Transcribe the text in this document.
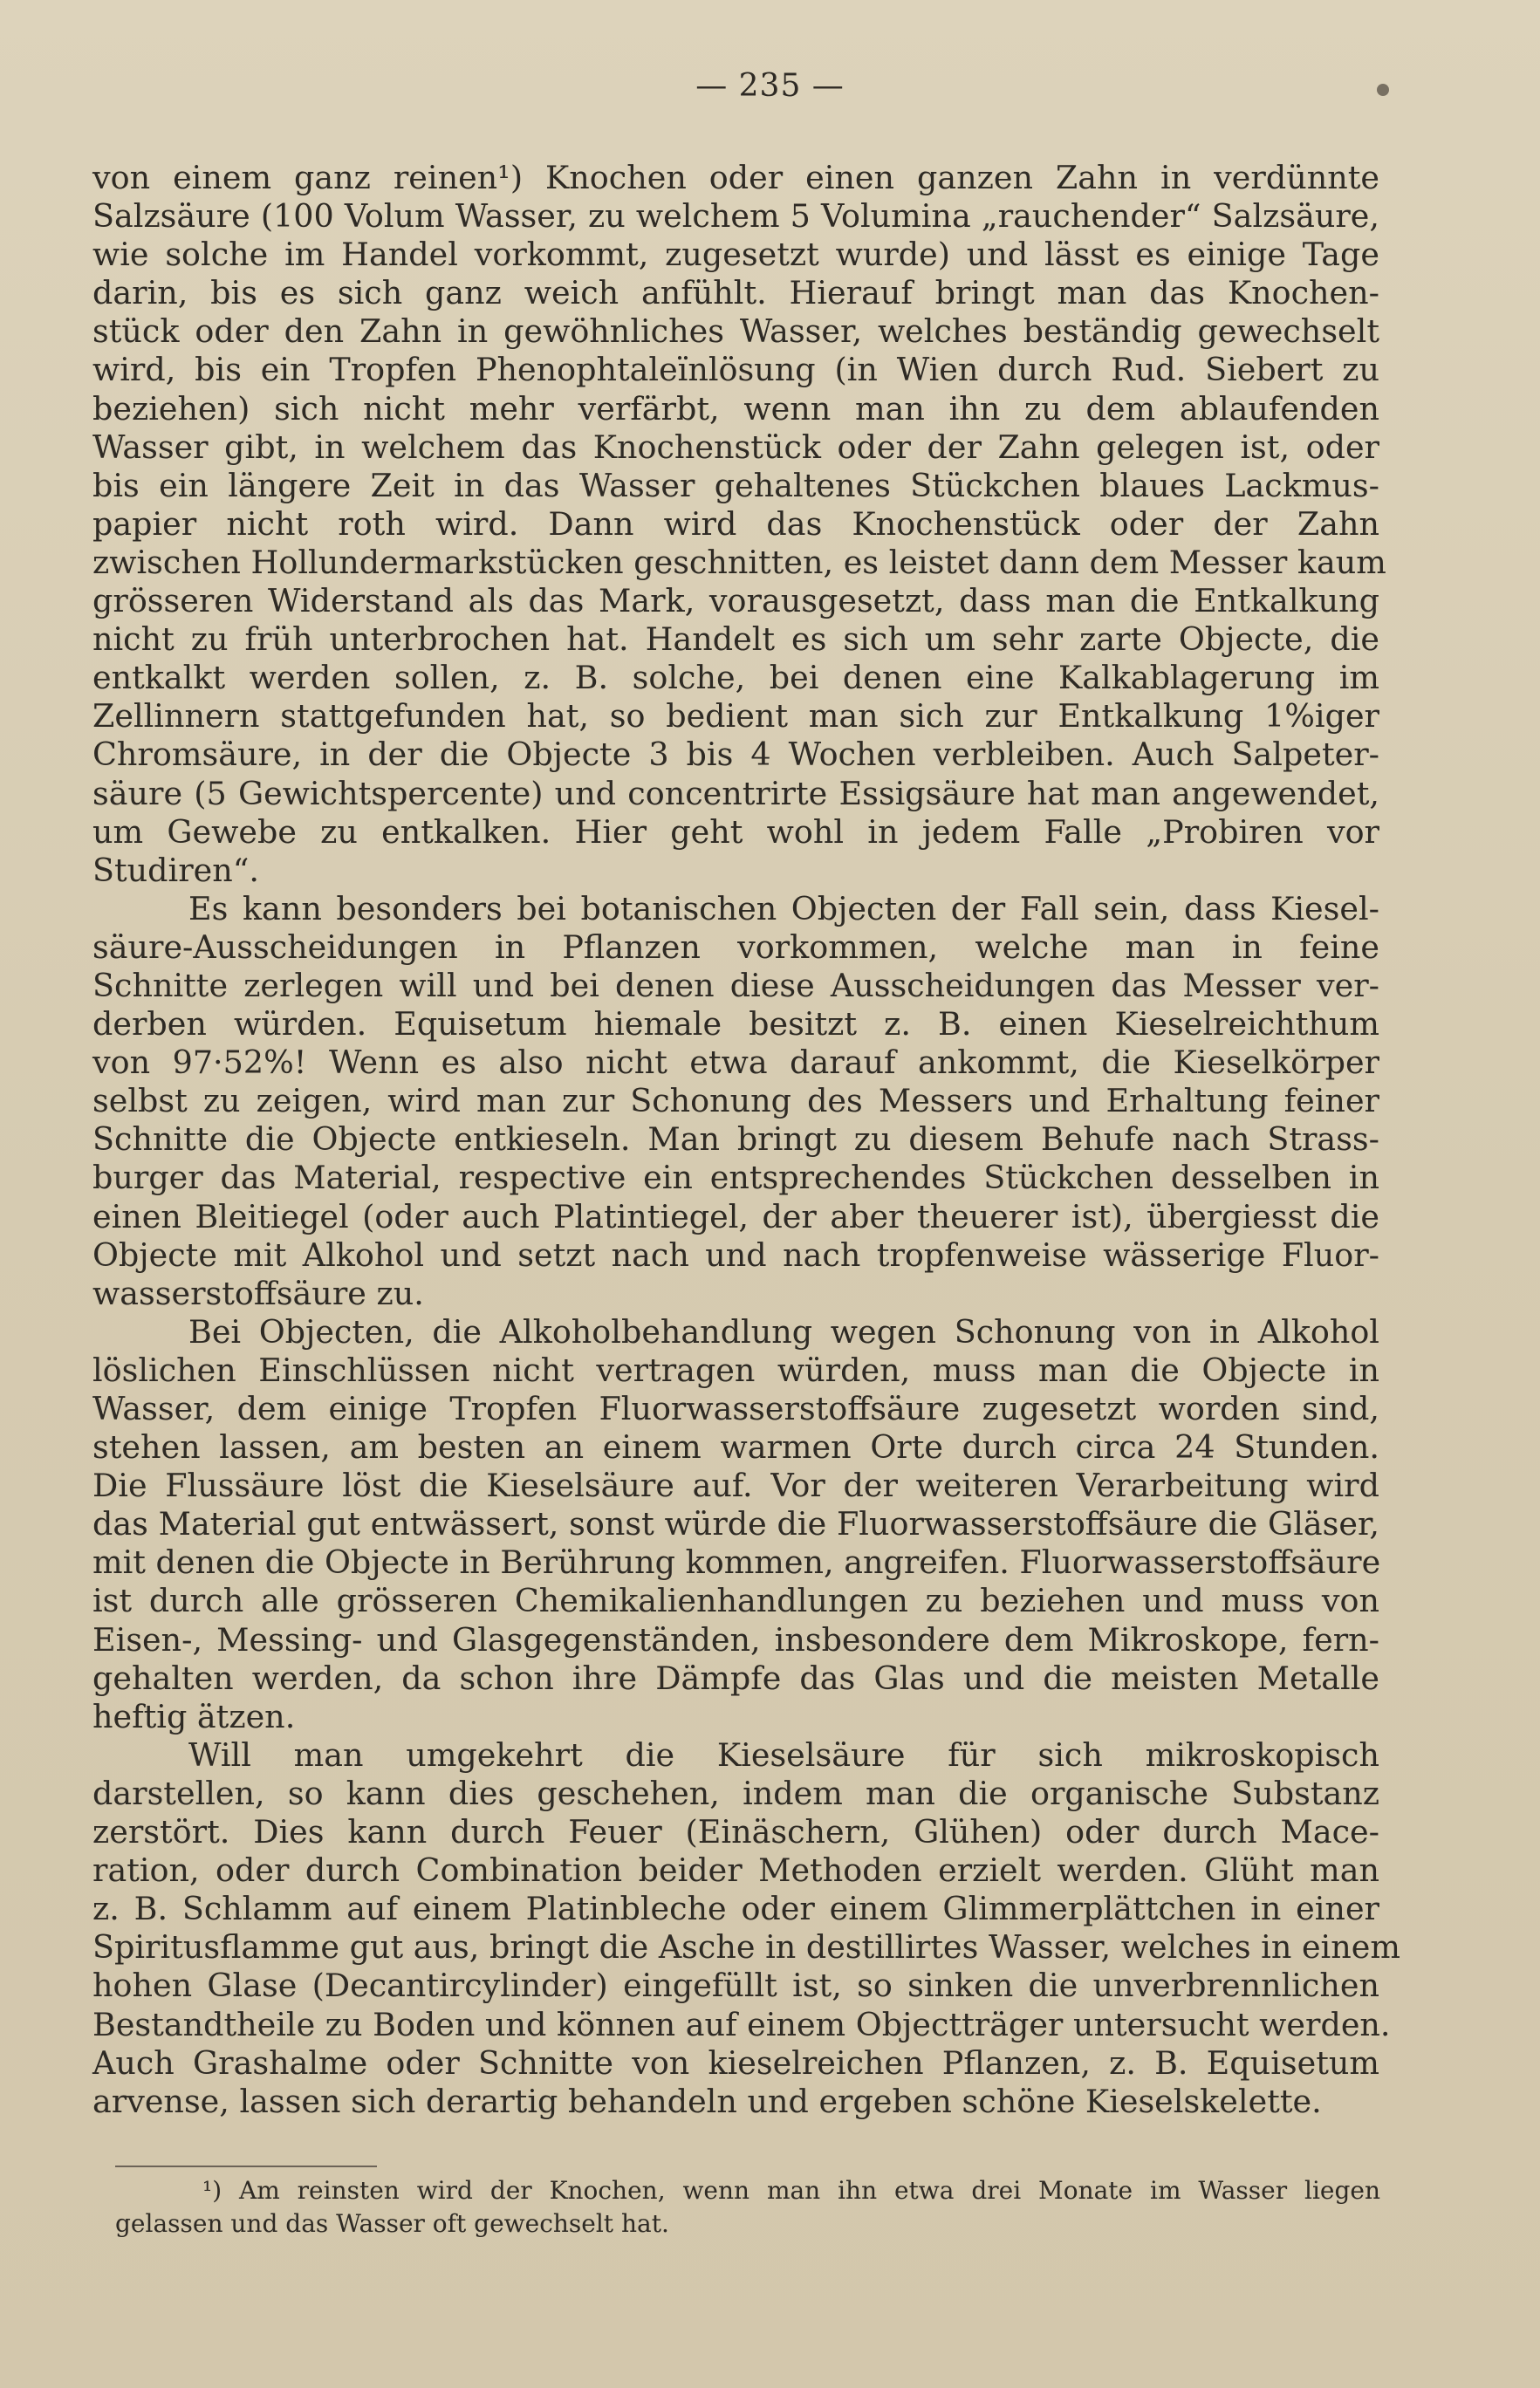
— 235 —
von einem ganz reinen¹) Knochen oder einen ganzen Zahn in verdünnte
Salzsäure (100 Volum Wasser, zu welchem 5 Volumina „rauchender“ Salzsäure,
wie solche im Handel vorkommt, zugesetzt wurde) und lässt es einige Tage
darin, bis es sich ganz weich anfühlt. Hierauf bringt man das Knochen-
stück oder den Zahn in gewöhnliches Wasser, welches beständig gewechselt
wird, bis ein Tropfen Phenophtaleïnlösung (in Wien durch Rud. Siebert zu
beziehen) sich nicht mehr verfärbt, wenn man ihn zu dem ablaufenden
Wasser gibt, in welchem das Knochenstück oder der Zahn gelegen ist, oder
bis ein längere Zeit in das Wasser gehaltenes Stückchen blaues Lackmus-
papier nicht roth wird. Dann wird das Knochenstück oder der Zahn
zwischen Hollundermarkstücken geschnitten, es leistet dann dem Messer kaum
grösseren Widerstand als das Mark, vorausgesetzt, dass man die Entkalkung
nicht zu früh unterbrochen hat. Handelt es sich um sehr zarte Objecte, die
entkalkt werden sollen, z. B. solche, bei denen eine Kalkablagerung im
Zellinnern stattgefunden hat, so bedient man sich zur Entkalkung 1%iger
Chromsäure, in der die Objecte 3 bis 4 Wochen verbleiben. Auch Salpeter-
säure (5 Gewichtspercente) und concentrirte Essigsäure hat man angewendet,
um Gewebe zu entkalken. Hier geht wohl in jedem Falle „Probiren vor
Studiren“.
Es kann besonders bei botanischen Objecten der Fall sein, dass Kiesel-
säure-Ausscheidungen in Pflanzen vorkommen, welche man in feine
Schnitte zerlegen will und bei denen diese Ausscheidungen das Messer ver-
derben würden. Equisetum hiemale besitzt z. B. einen Kieselreichthum
von 97·52%! Wenn es also nicht etwa darauf ankommt, die Kieselkörper
selbst zu zeigen, wird man zur Schonung des Messers und Erhaltung feiner
Schnitte die Objecte entkieseln. Man bringt zu diesem Behufe nach Strass-
burger das Material, respective ein entsprechendes Stückchen desselben in
einen Bleitiegel (oder auch Platintiegel, der aber theuerer ist), übergiesst die
Objecte mit Alkohol und setzt nach und nach tropfenweise wässerige Fluor-
wasserstoffsäure zu.
Bei Objecten, die Alkoholbehandlung wegen Schonung von in Alkohol
löslichen Einschlüssen nicht vertragen würden, muss man die Objecte in
Wasser, dem einige Tropfen Fluorwasserstoffsäure zugesetzt worden sind,
stehen lassen, am besten an einem warmen Orte durch circa 24 Stunden.
Die Flussäure löst die Kieselsäure auf. Vor der weiteren Verarbeitung wird
das Material gut entwässert, sonst würde die Fluorwasserstoffsäure die Gläser,
mit denen die Objecte in Berührung kommen, angreifen. Fluorwasserstoffsäure
ist durch alle grösseren Chemikalienhandlungen zu beziehen und muss von
Eisen-, Messing- und Glasgegenständen, insbesondere dem Mikroskope, fern-
gehalten werden, da schon ihre Dämpfe das Glas und die meisten Metalle
heftig ätzen.
Will man umgekehrt die Kieselsäure für sich mikroskopisch
darstellen, so kann dies geschehen, indem man die organische Substanz
zerstört. Dies kann durch Feuer (Einäschern, Glühen) oder durch Mace-
ration, oder durch Combination beider Methoden erzielt werden. Glüht man
z. B. Schlamm auf einem Platinbleche oder einem Glimmerplättchen in einer
Spiritusflamme gut aus, bringt die Asche in destillirtes Wasser, welches in einem
hohen Glase (Decantircylinder) eingefüllt ist, so sinken die unverbrennlichen
Bestandtheile zu Boden und können auf einem Objectträger untersucht werden.
Auch Grashalme oder Schnitte von kieselreichen Pflanzen, z. B. Equisetum
arvense, lassen sich derartig behandeln und ergeben schöne Kieselskelette.
¹) Am reinsten wird der Knochen, wenn man ihn etwa drei Monate im Wasser liegen
gelassen und das Wasser oft gewechselt hat.
